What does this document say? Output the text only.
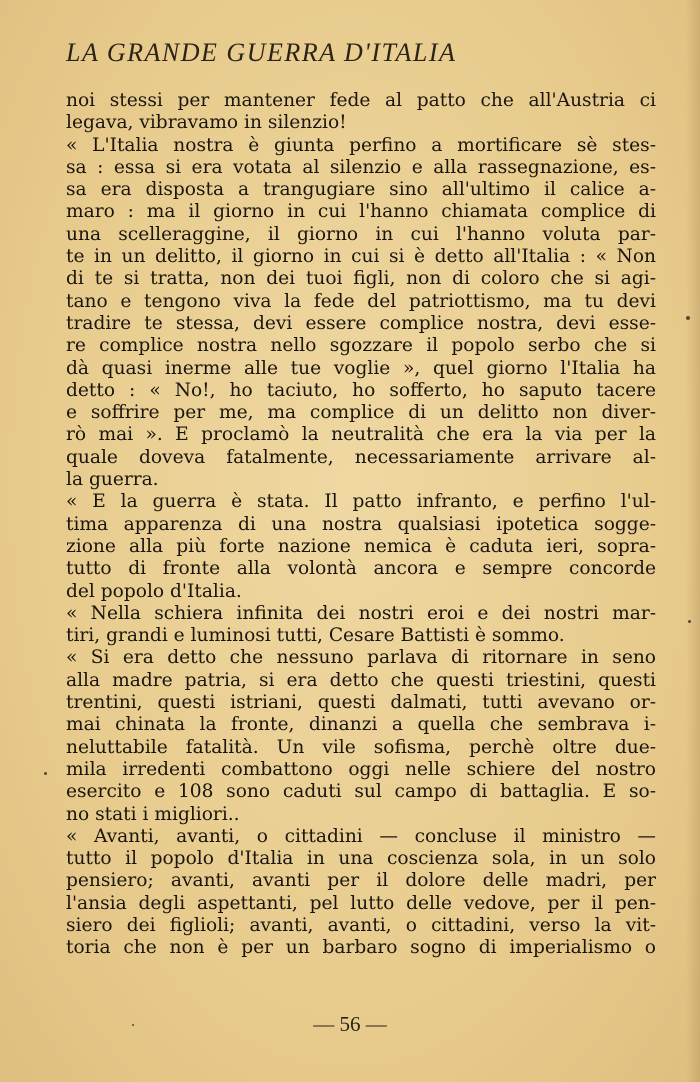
LA GRANDE GUERRA D'ITALIA
noi stessi per mantener fede al patto che all'Austria ci
legava, vibravamo in silenzio!
« L'Italia nostra è giunta perfino a mortificare sè stes-
sa : essa si era votata al silenzio e alla rassegnazione, es-
sa era disposta a trangugiare sino all'ultimo il calice a-
maro : ma il giorno in cui l'hanno chiamata complice di
una scelleraggine, il giorno in cui l'hanno voluta par-
te in un delitto, il giorno in cui si è detto all'Italia : « Non
di te si tratta, non dei tuoi figli, non di coloro che si agi-
tano e tengono viva la fede del patriottismo, ma tu devi
tradire te stessa, devi essere complice nostra, devi esse-
re complice nostra nello sgozzare il popolo serbo che si
dà quasi inerme alle tue voglie », quel giorno l'Italia ha
detto : « No!, ho taciuto, ho sofferto, ho saputo tacere
e soffrire per me, ma complice di un delitto non diver-
rò mai ». E proclamò la neutralità che era la via per la
quale doveva fatalmente, necessariamente arrivare al-
la guerra.
« E la guerra è stata. Il patto infranto, e perfino l'ul-
tima apparenza di una nostra qualsiasi ipotetica sogge-
zione alla più forte nazione nemica è caduta ieri, sopra-
tutto di fronte alla volontà ancora e sempre concorde
del popolo d'Italia.
« Nella schiera infinita dei nostri eroi e dei nostri mar-
tiri, grandi e luminosi tutti, Cesare Battisti è sommo.
« Si era detto che nessuno parlava di ritornare in seno
alla madre patria, si era detto che questi triestini, questi
trentini, questi istriani, questi dalmati, tutti avevano or-
mai chinata la fronte, dinanzi a quella che sembrava i-
neluttabile fatalità. Un vile sofisma, perchè oltre due-
mila irredenti combattono oggi nelle schiere del nostro
esercito e 108 sono caduti sul campo di battaglia. E so-
no stati i migliori..
« Avanti, avanti, o cittadini — concluse il ministro —
tutto il popolo d'Italia in una coscienza sola, in un solo
pensiero; avanti, avanti per il dolore delle madri, per
l'ansia degli aspettanti, pel lutto delle vedove, per il pen-
siero dei figlioli; avanti, avanti, o cittadini, verso la vit-
toria che non è per un barbaro sogno di imperialismo o
— 56 —
